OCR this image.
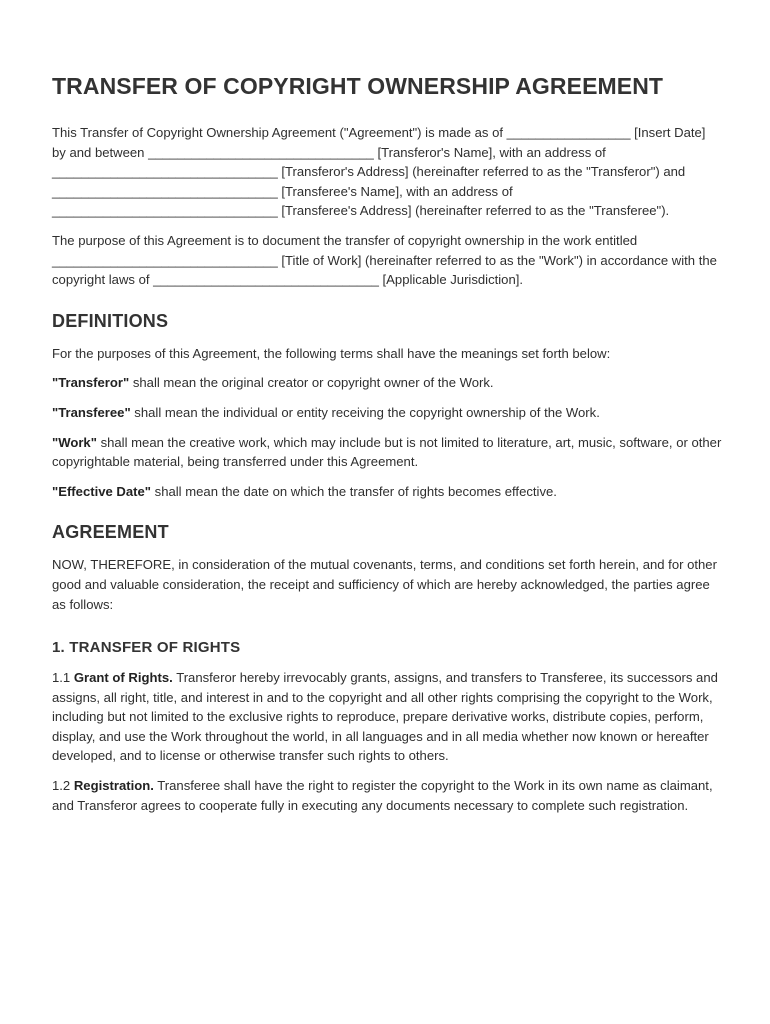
TRANSFER OF COPYRIGHT OWNERSHIP AGREEMENT

This Transfer of Copyright Ownership Agreement ("Agreement") is made as of _________________ [Insert Date] by and between _______________________________ [Transferor's Name], with an address of _______________________________ [Transferor's Address] (hereinafter referred to as the "Transferor") and _______________________________ [Transferee's Name], with an address of _______________________________ [Transferee's Address] (hereinafter referred to as the "Transferee").

The purpose of this Agreement is to document the transfer of copyright ownership in the work entitled _______________________________ [Title of Work] (hereinafter referred to as the "Work") in accordance with the copyright laws of _______________________________ [Applicable Jurisdiction].

DEFINITIONS

For the purposes of this Agreement, the following terms shall have the meanings set forth below:

"Transferor" shall mean the original creator or copyright owner of the Work.

"Transferee" shall mean the individual or entity receiving the copyright ownership of the Work.

"Work" shall mean the creative work, which may include but is not limited to literature, art, music, software, or other copyrightable material, being transferred under this Agreement.

"Effective Date" shall mean the date on which the transfer of rights becomes effective.

AGREEMENT

NOW, THEREFORE, in consideration of the mutual covenants, terms, and conditions set forth herein, and for other good and valuable consideration, the receipt and sufficiency of which are hereby acknowledged, the parties agree as follows:

1. TRANSFER OF RIGHTS

1.1 Grant of Rights. Transferor hereby irrevocably grants, assigns, and transfers to Transferee, its successors and assigns, all right, title, and interest in and to the copyright and all other rights comprising the copyright to the Work, including but not limited to the exclusive rights to reproduce, prepare derivative works, distribute copies, perform, display, and use the Work throughout the world, in all languages and in all media whether now known or hereafter developed, and to license or otherwise transfer such rights to others.

1.2 Registration. Transferee shall have the right to register the copyright to the Work in its own name as claimant, and Transferor agrees to cooperate fully in executing any documents necessary to complete such registration.
